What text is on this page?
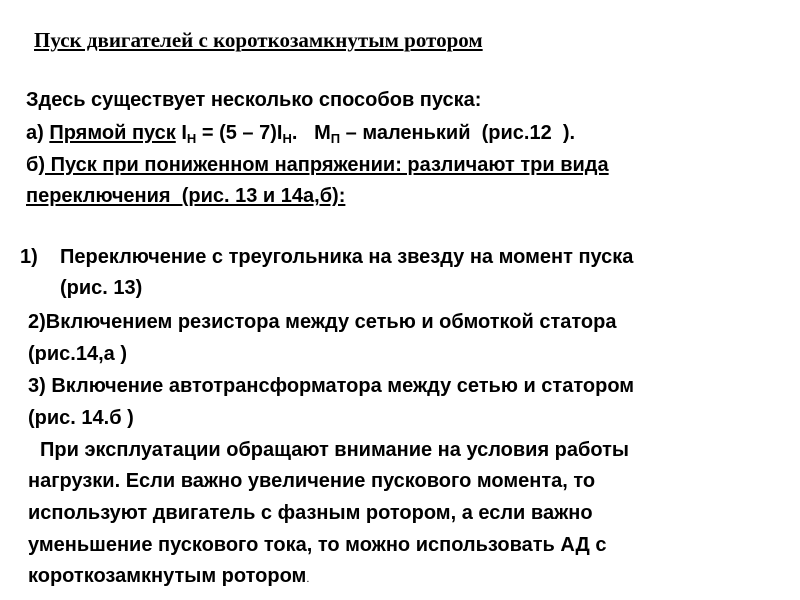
Пуск двигателей с короткозамкнутым ротором
Здесь существует несколько способов пуска:
а) Прямой пуск $I_Н = (5 - 7)I_Н$.   $M_П$ – маленький  (рис.12  ).
б) Пуск при пониженном напряжении: различают три вида
переключения  (рис. 13 и 14а,б):
1) Переключение с треугольника на звезду на момент пуска
(рис. 13)
2)Включением резистора между сетью и обмоткой статора
(рис.14,а )
3) Включение автотрансформатора между сетью и статором
(рис. 14.б )
При эксплуатации обращают внимание на условия работы
нагрузки. Если важно увеличение пускового момента, то
используют двигатель с фазным ротором, а если важно
уменьшение пускового тока, то можно использовать АД с
короткозамкнутым ротором.
